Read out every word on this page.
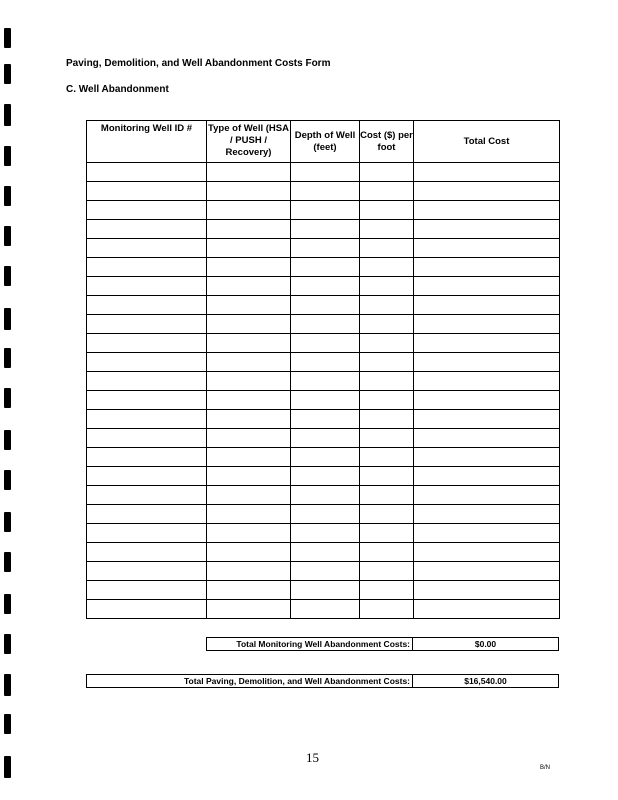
Paving, Demolition, and Well Abandonment Costs Form
C. Well Abandonment
Monitoring Well ID #	Type of Well (HSA / PUSH / Recovery)	Depth of Well (feet)	Cost ($) per foot	Total Cost

Total Monitoring Well Abandonment Costs:	$0.00
Total Paving, Demolition, and Well Abandonment Costs:	$16,540.00
15
B/N
